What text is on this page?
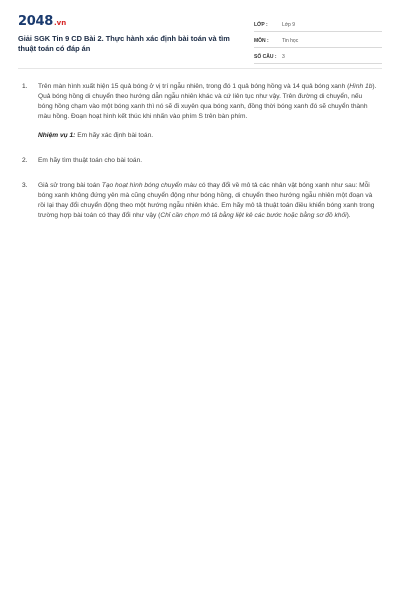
2048 .vn
Giải SGK Tin 9 CD Bài 2. Thực hành xác định bài toán và tìm thuật toán có đáp án
LỚP :	Lớp 9
MÔN :	Tin học
SỐ CÂU :	3
1.	Trên màn hình xuất hiện 15 quả bóng ở vị trí ngẫu nhiên, trong đó 1 quả bóng hồng và 14 quả bóng xanh (Hình 1b). Quả bóng hồng di chuyển theo hướng dẫn ngẫu nhiên khác và cứ liên tục như vậy. Trên đường di chuyển, nếu bóng hồng chạm vào một bóng xanh thì nó sẽ đi xuyên qua bóng xanh, đồng thời bóng xanh đó sẽ chuyển thành màu hồng. Đoạn hoạt hình kết thúc khi nhấn vào phím S trên bàn phím.
Nhiệm vụ 1: Em hãy xác định bài toán.
2.	Em hãy tìm thuật toán cho bài toán.
3.	Giả sử trong bài toán Tạo hoạt hình bóng chuyển màu có thay đổi về mô tả các nhân vật bóng xanh như sau: Mỗi bóng xanh không đứng yên mà cũng chuyển động như bóng hồng, di chuyển theo hướng ngẫu nhiên một đoạn và rồi lại thay đổi chuyển động theo một hướng ngẫu nhiên khác. Em hãy mô tả thuật toán điều khiển bóng xanh trong trường hợp bài toán có thay đổi như vậy (Chỉ cần chọn mô tả bằng liệt kê các bước hoặc bằng sơ đồ khối).
